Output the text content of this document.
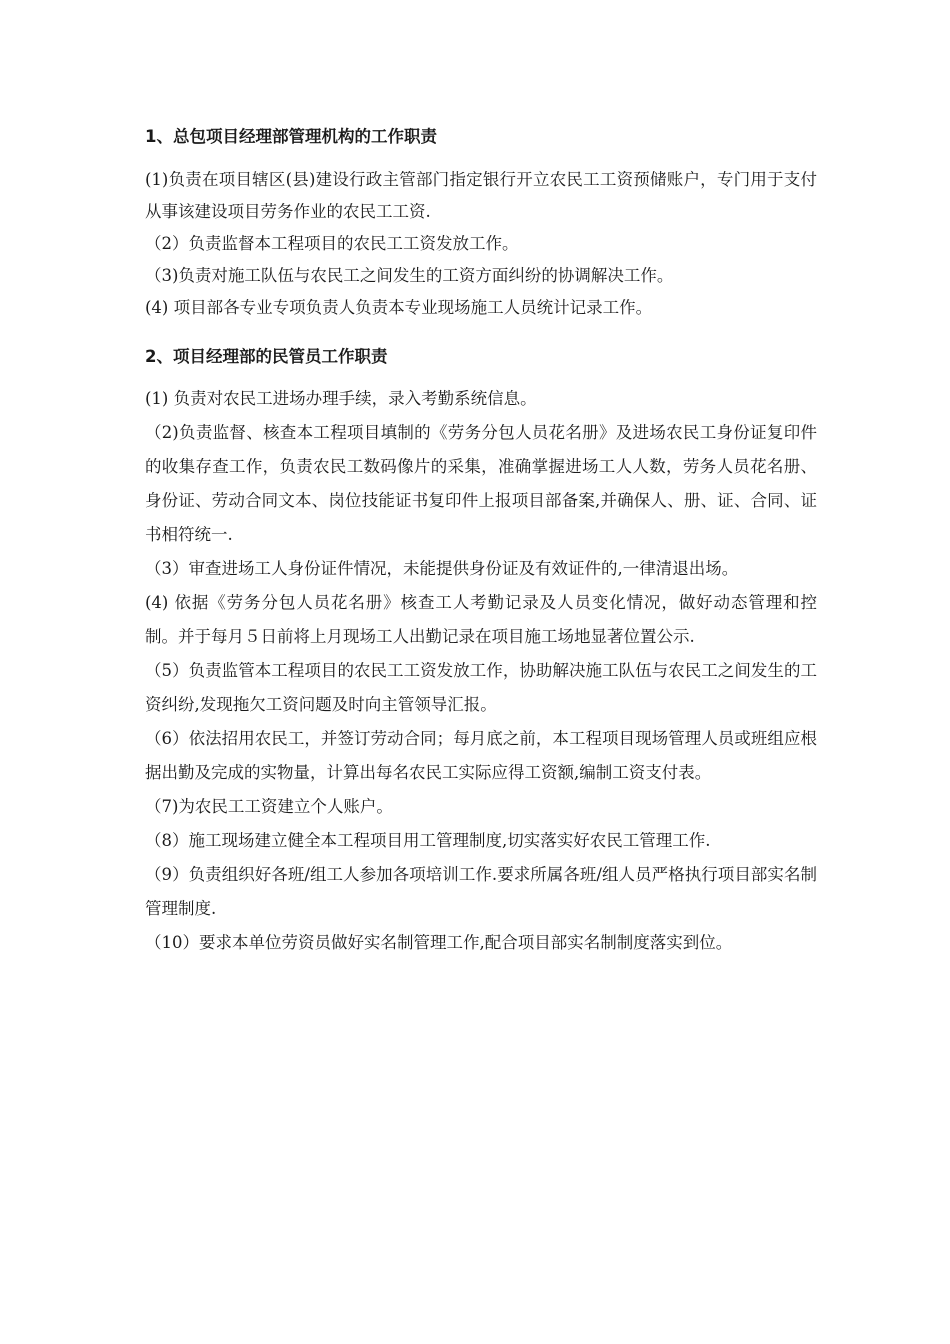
1、总包项目经理部管理机构的工作职责

(1)负责在项目辖区(县)建设行政主管部门指定银行开立农民工工资预储账户，专门用于支付从事该建设项目劳务作业的农民工工资.

（2）负责监督本工程项目的农民工工资发放工作。

（3)负责对施工队伍与农民工之间发生的工资方面纠纷的协调解决工作。

(4) 项目部各专业专项负责人负责本专业现场施工人员统计记录工作。

2、项目经理部的民管员工作职责

(1) 负责对农民工进场办理手续，录入考勤系统信息。

（2)负责监督、核查本工程项目填制的《劳务分包人员花名册》及进场农民工身份证复印件的收集存查工作，负责农民工数码像片的采集，准确掌握进场工人人数，劳务人员花名册、身份证、劳动合同文本、岗位技能证书复印件上报项目部备案,并确保人、册、证、合同、证书相符统一.

（3）审查进场工人身份证件情况，未能提供身份证及有效证件的,一律清退出场。

(4) 依据《劳务分包人员花名册》核查工人考勤记录及人员变化情况，做好动态管理和控制。并于每月５日前将上月现场工人出勤记录在项目施工场地显著位置公示.

（5）负责监管本工程项目的农民工工资发放工作，协助解决施工队伍与农民工之间发生的工资纠纷,发现拖欠工资问题及时向主管领导汇报。

（6）依法招用农民工，并签订劳动合同；每月底之前，本工程项目现场管理人员或班组应根据出勤及完成的实物量，计算出每名农民工实际应得工资额,编制工资支付表。

（7)为农民工工资建立个人账户。

（8）施工现场建立健全本工程项目用工管理制度,切实落实好农民工管理工作.

（9）负责组织好各班/组工人参加各项培训工作.要求所属各班/组人员严格执行项目部实名制管理制度.

（10）要求本单位劳资员做好实名制管理工作,配合项目部实名制制度落实到位。
